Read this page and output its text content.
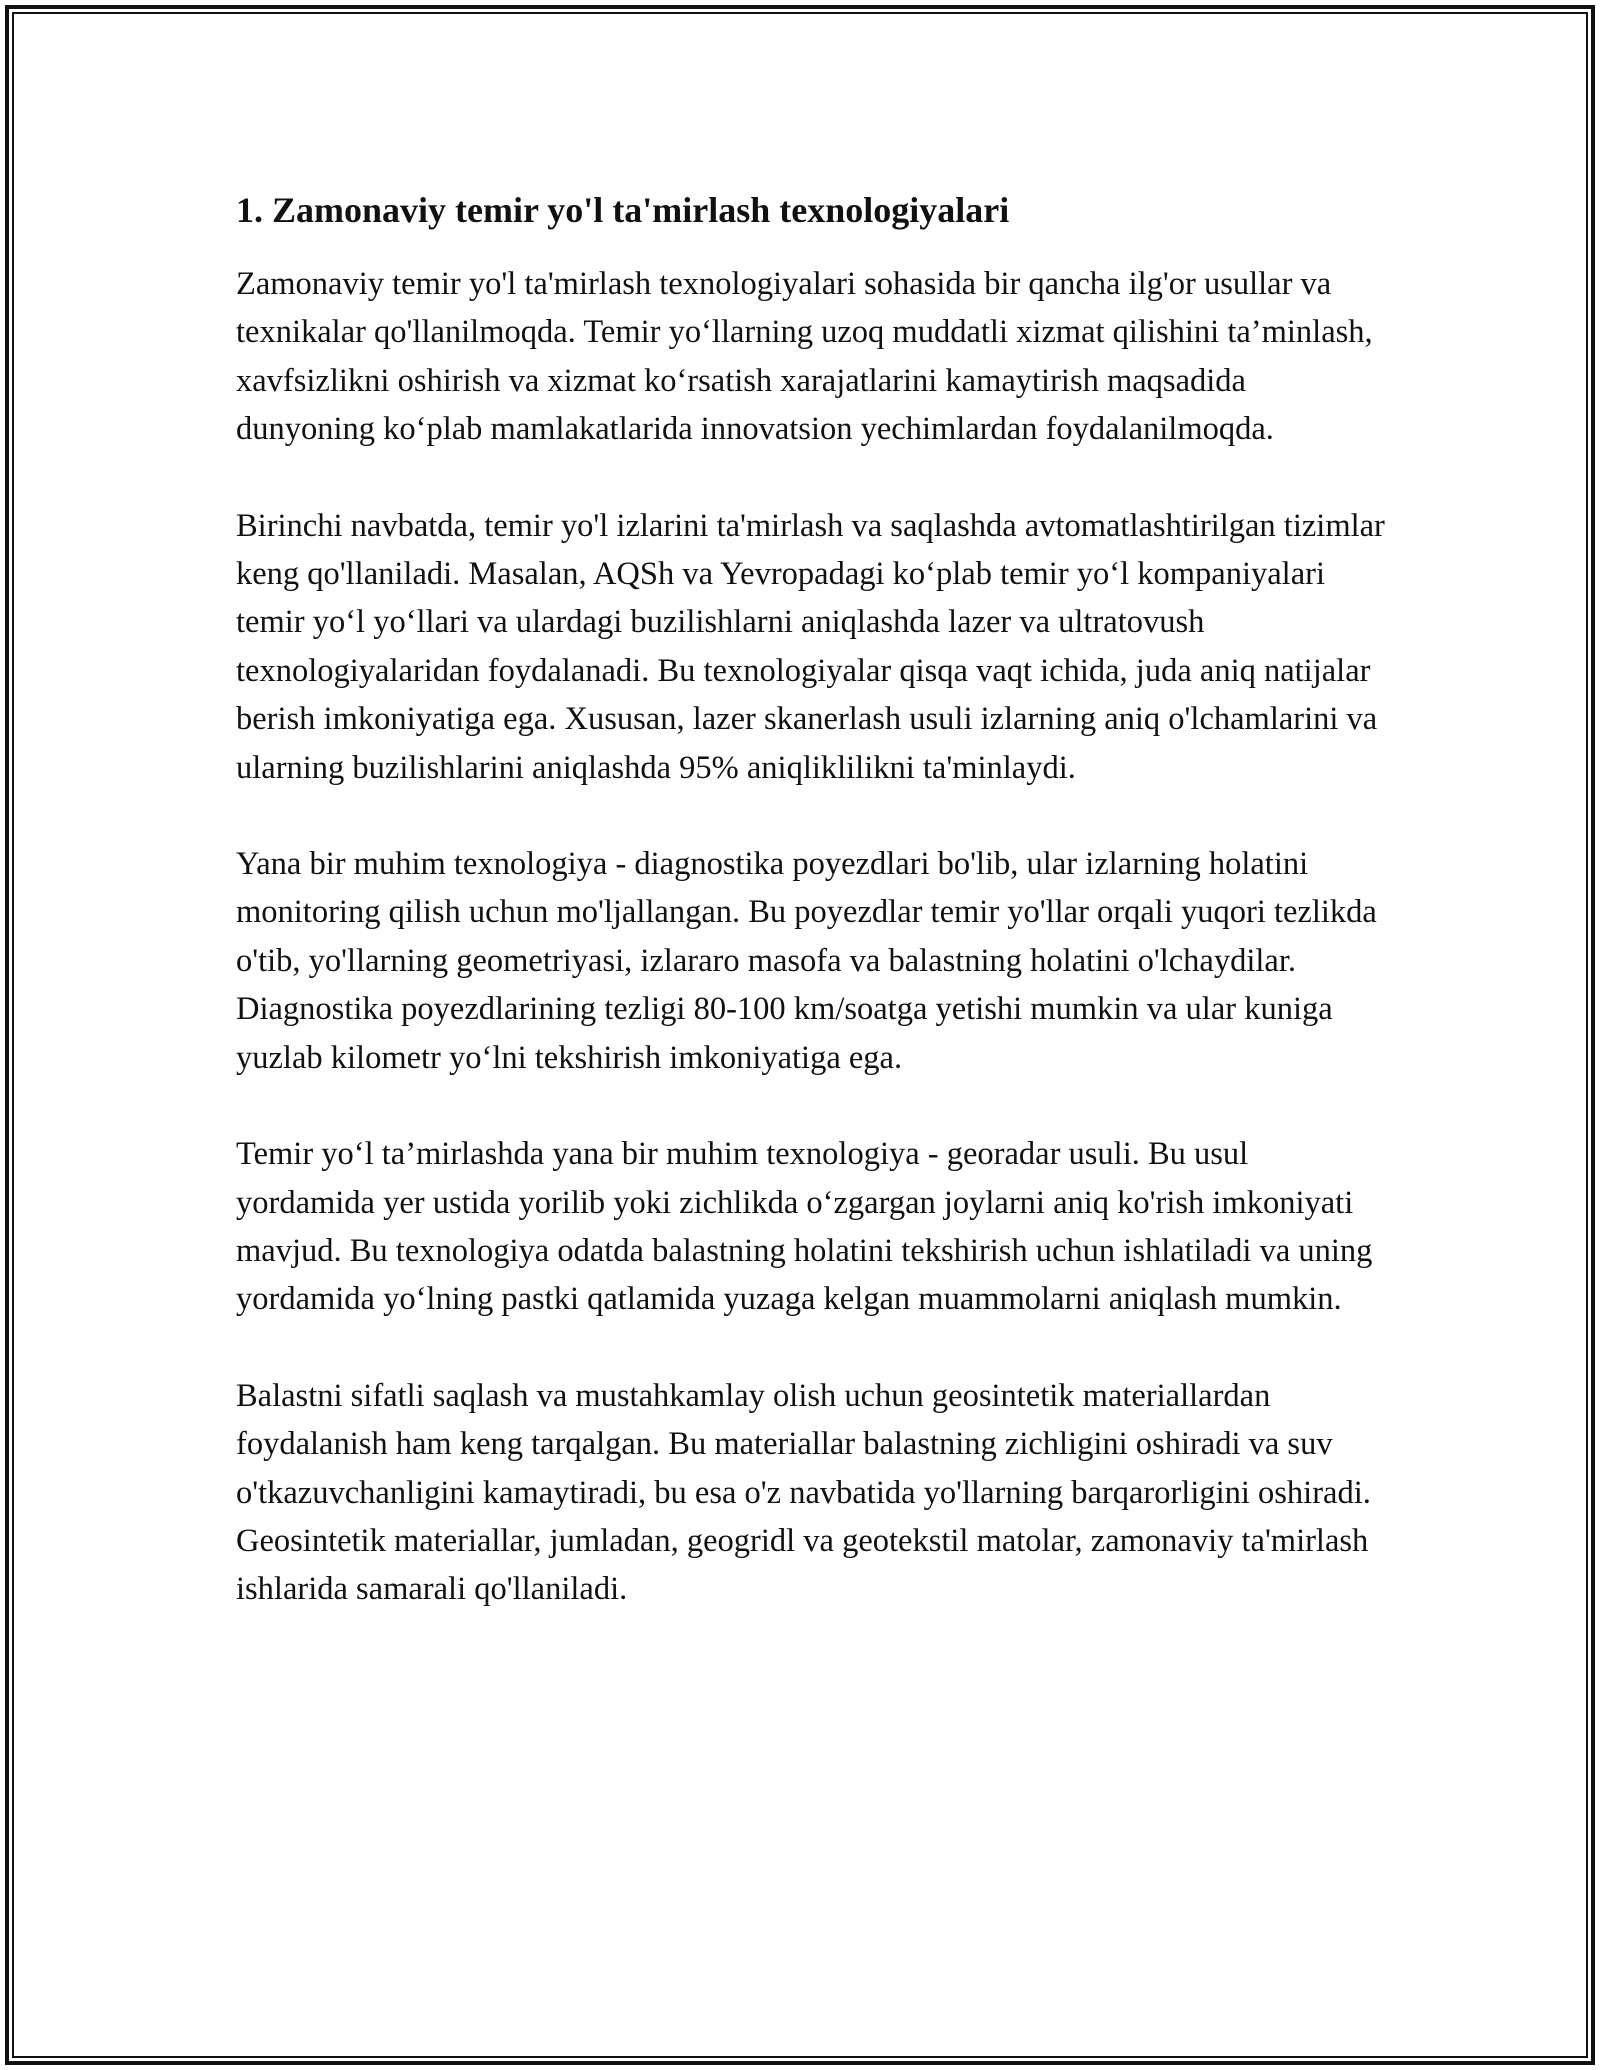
1. Zamonaviy temir yo'l ta'mirlash texnologiyalari

Zamonaviy temir yo'l ta'mirlash texnologiyalari sohasida bir qancha ilg'or usullar va texnikalar qo'llanilmoqda. Temir yo‘llarning uzoq muddatli xizmat qilishini ta’minlash, xavfsizlikni oshirish va xizmat ko‘rsatish xarajatlarini kamaytirish maqsadida dunyoning ko‘plab mamlakatlarida innovatsion yechimlardan foydalanilmoqda.

Birinchi navbatda, temir yo'l izlarini ta'mirlash va saqlashda avtomatlashtirilgan tizimlar keng qo'llaniladi. Masalan, AQSh va Yevropadagi ko‘plab temir yo‘l kompaniyalari temir yo‘l yo‘llari va ulardagi buzilishlarni aniqlashda lazer va ultratovush texnologiyalaridan foydalanadi. Bu texnologiyalar qisqa vaqt ichida, juda aniq natijalar berish imkoniyatiga ega. Xususan, lazer skanerlash usuli izlarning aniq o'lchamlarini va ularning buzilishlarini aniqlashda 95% aniqliklilikni ta'minlaydi.

Yana bir muhim texnologiya - diagnostika poyezdlari bo'lib, ular izlarning holatini monitoring qilish uchun mo'ljallangan. Bu poyezdlar temir yo'llar orqali yuqori tezlikda o'tib, yo'llarning geometriyasi, izlararo masofa va balastning holatini o'lchaydilar. Diagnostika poyezdlarining tezligi 80-100 km/soatga yetishi mumkin va ular kuniga yuzlab kilometr yo‘lni tekshirish imkoniyatiga ega.

Temir yo‘l ta’mirlashda yana bir muhim texnologiya - georadar usuli. Bu usul yordamida yer ustida yorilib yoki zichlikda o‘zgargan joylarni aniq ko'rish imkoniyati mavjud. Bu texnologiya odatda balastning holatini tekshirish uchun ishlatiladi va uning yordamida yo‘lning pastki qatlamida yuzaga kelgan muammolarni aniqlash mumkin.

Balastni sifatli saqlash va mustahkamlay olish uchun geosintetik materiallardan foydalanish ham keng tarqalgan. Bu materiallar balastning zichligini oshiradi va suv o'tkazuvchanligini kamaytiradi, bu esa o'z navbatida yo'llarning barqarorligini oshiradi. Geosintetik materiallar, jumladan, geogridl va geotekstil matolar, zamonaviy ta'mirlash ishlarida samarali qo'llaniladi.
